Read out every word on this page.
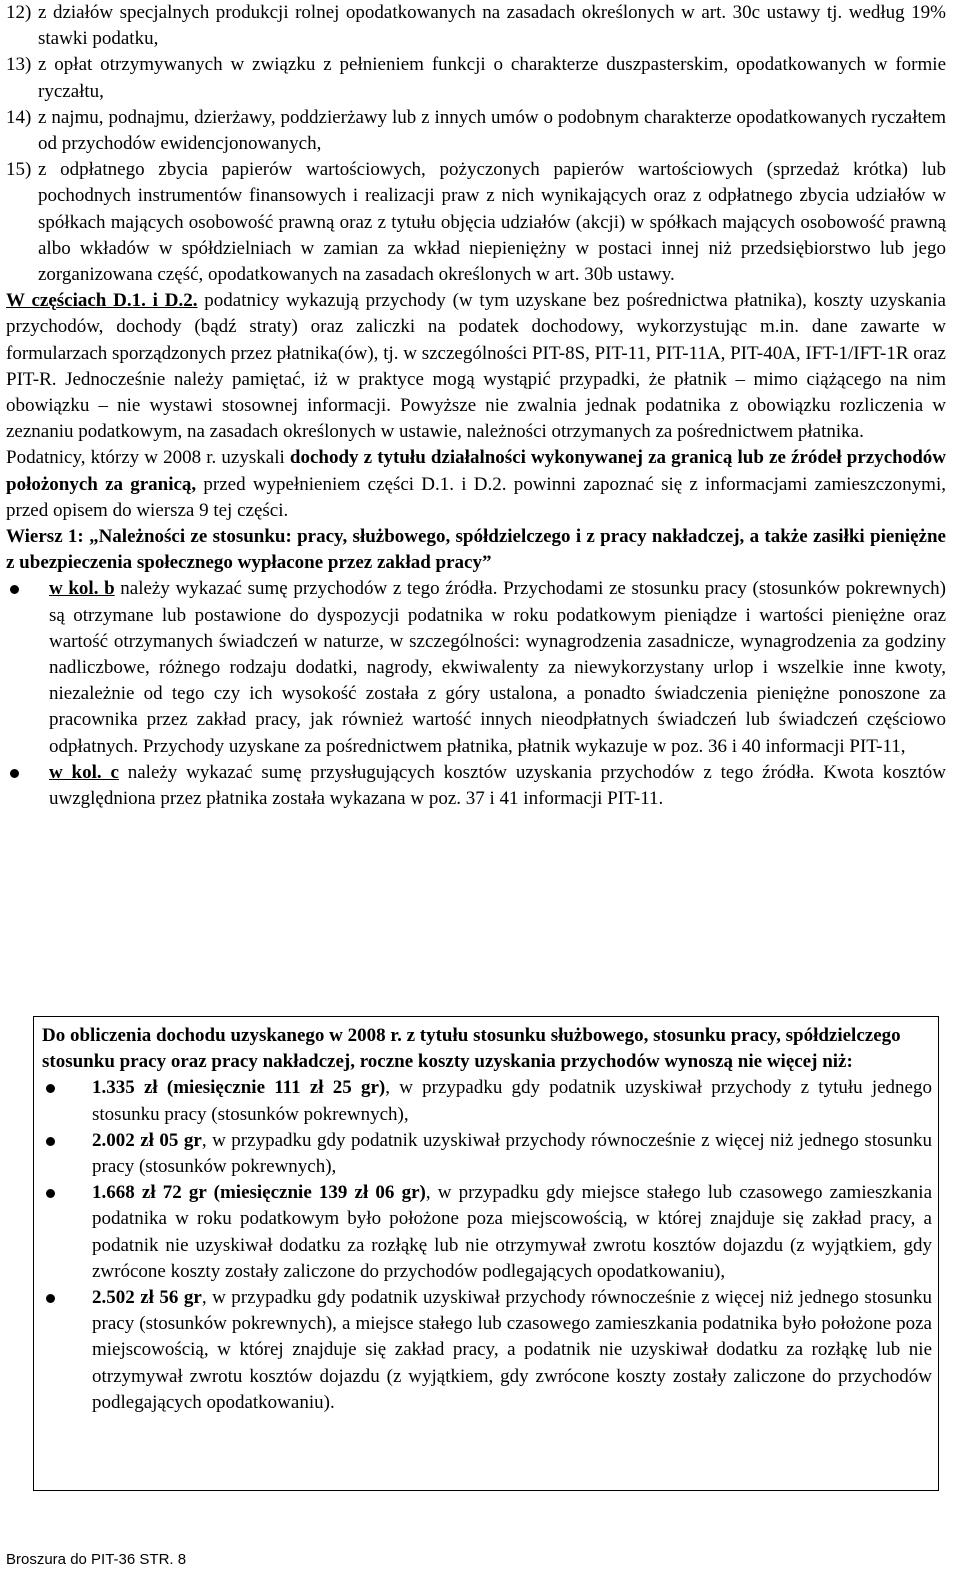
12) z działów specjalnych produkcji rolnej opodatkowanych na zasadach określonych w art. 30c ustawy tj. według 19% stawki podatku,
13) z opłat otrzymywanych w związku z pełnieniem funkcji o charakterze duszpasterskim, opodatkowanych w formie ryczałtu,
14) z najmu, podnajmu, dzierżawy, poddzierżawy lub z innych umów o podobnym charakterze opodatkowanych ryczałtem od przychodów ewidencjonowanych,
15) z odpłatnego zbycia papierów wartościowych, pożyczonych papierów wartościowych (sprzedaż krótka) lub pochodnych instrumentów finansowych i realizacji praw z nich wynikających oraz z odpłatnego zbycia udziałów w spółkach mających osobowość prawną oraz z tytułu objęcia udziałów (akcji) w spółkach mających osobowość prawną albo wkładów w spółdzielniach w zamian za wkład niepieniężny w postaci innej niż przedsiębiorstwo lub jego zorganizowana część, opodatkowanych na zasadach określonych w art. 30b ustawy.

W częściach D.1. i D.2. podatnicy wykazują przychody (w tym uzyskane bez pośrednictwa płatnika), koszty uzyskania przychodów, dochody (bądź straty) oraz zaliczki na podatek dochodowy, wykorzystując m.in. dane zawarte w formularzach sporządzonych przez płatnika(ów), tj. w szczególności PIT-8S, PIT-11, PIT-11A, PIT-40A, IFT-1/IFT-1R oraz PIT-R. Jednocześnie należy pamiętać, iż w praktyce mogą wystąpić przypadki, że płatnik – mimo ciążącego na nim obowiązku – nie wystawi stosownej informacji. Powyższe nie zwalnia jednak podatnika z obowiązku rozliczenia w zeznaniu podatkowym, na zasadach określonych w ustawie, należności otrzymanych za pośrednictwem płatnika.

Podatnicy, którzy w 2008 r. uzyskali dochody z tytułu działalności wykonywanej za granicą lub ze źródeł przychodów położonych za granicą, przed wypełnieniem części D.1. i D.2. powinni zapoznać się z informacjami zamieszczonymi, przed opisem do wiersza 9 tej części.

Wiersz 1: „Należności ze stosunku: pracy, służbowego, spółdzielczego i z pracy nakładczej, a także zasiłki pieniężne z ubezpieczenia społecznego wypłacone przez zakład pracy”

w kol. b należy wykazać sumę przychodów z tego źródła. Przychodami ze stosunku pracy (stosunków pokrewnych) są otrzymane lub postawione do dyspozycji podatnika w roku podatkowym pieniądze i wartości pieniężne oraz wartość otrzymanych świadczeń w naturze, w szczególności: wynagrodzenia zasadnicze, wynagrodzenia za godziny nadliczbowe, różnego rodzaju dodatki, nagrody, ekwiwalenty za niewykorzystany urlop i wszelkie inne kwoty, niezależnie od tego czy ich wysokość została z góry ustalona, a ponadto świadczenia pieniężne ponoszone za pracownika przez zakład pracy, jak również wartość innych nieodpłatnych świadczeń lub świadczeń częściowo odpłatnych. Przychody uzyskane za pośrednictwem płatnika, płatnik wykazuje w poz. 36 i 40 informacji PIT-11,
w kol. c należy wykazać sumę przysługujących kosztów uzyskania przychodów z tego źródła. Kwota kosztów uwzględniona przez płatnika została wykazana w poz. 37 i 41 informacji PIT-11.

Do obliczenia dochodu uzyskanego w 2008 r. z tytułu stosunku służbowego, stosunku pracy, spółdzielczego stosunku pracy oraz pracy nakładczej, roczne koszty uzyskania przychodów wynoszą nie więcej niż:

1.335 zł (miesięcznie 111 zł 25 gr), w przypadku gdy podatnik uzyskiwał przychody z tytułu jednego stosunku pracy (stosunków pokrewnych),
2.002 zł 05 gr, w przypadku gdy podatnik uzyskiwał przychody równocześnie z więcej niż jednego stosunku pracy (stosunków pokrewnych),
1.668 zł 72 gr (miesięcznie 139 zł 06 gr), w przypadku gdy miejsce stałego lub czasowego zamieszkania podatnika w roku podatkowym było położone poza miejscowością, w której znajduje się zakład pracy, a podatnik nie uzyskiwał dodatku za rozłąkę lub nie otrzymywał zwrotu kosztów dojazdu (z wyjątkiem, gdy zwrócone koszty zostały zaliczone do przychodów podlegających opodatkowaniu),
2.502 zł 56 gr, w przypadku gdy podatnik uzyskiwał przychody równocześnie z więcej niż jednego stosunku pracy (stosunków pokrewnych), a miejsce stałego lub czasowego zamieszkania podatnika było położone poza miejscowością, w której znajduje się zakład pracy, a podatnik nie uzyskiwał dodatku za rozłąkę lub nie otrzymywał zwrotu kosztów dojazdu (z wyjątkiem, gdy zwrócone koszty zostały zaliczone do przychodów podlegających opodatkowaniu).
Broszura do PIT-36 STR. 8
